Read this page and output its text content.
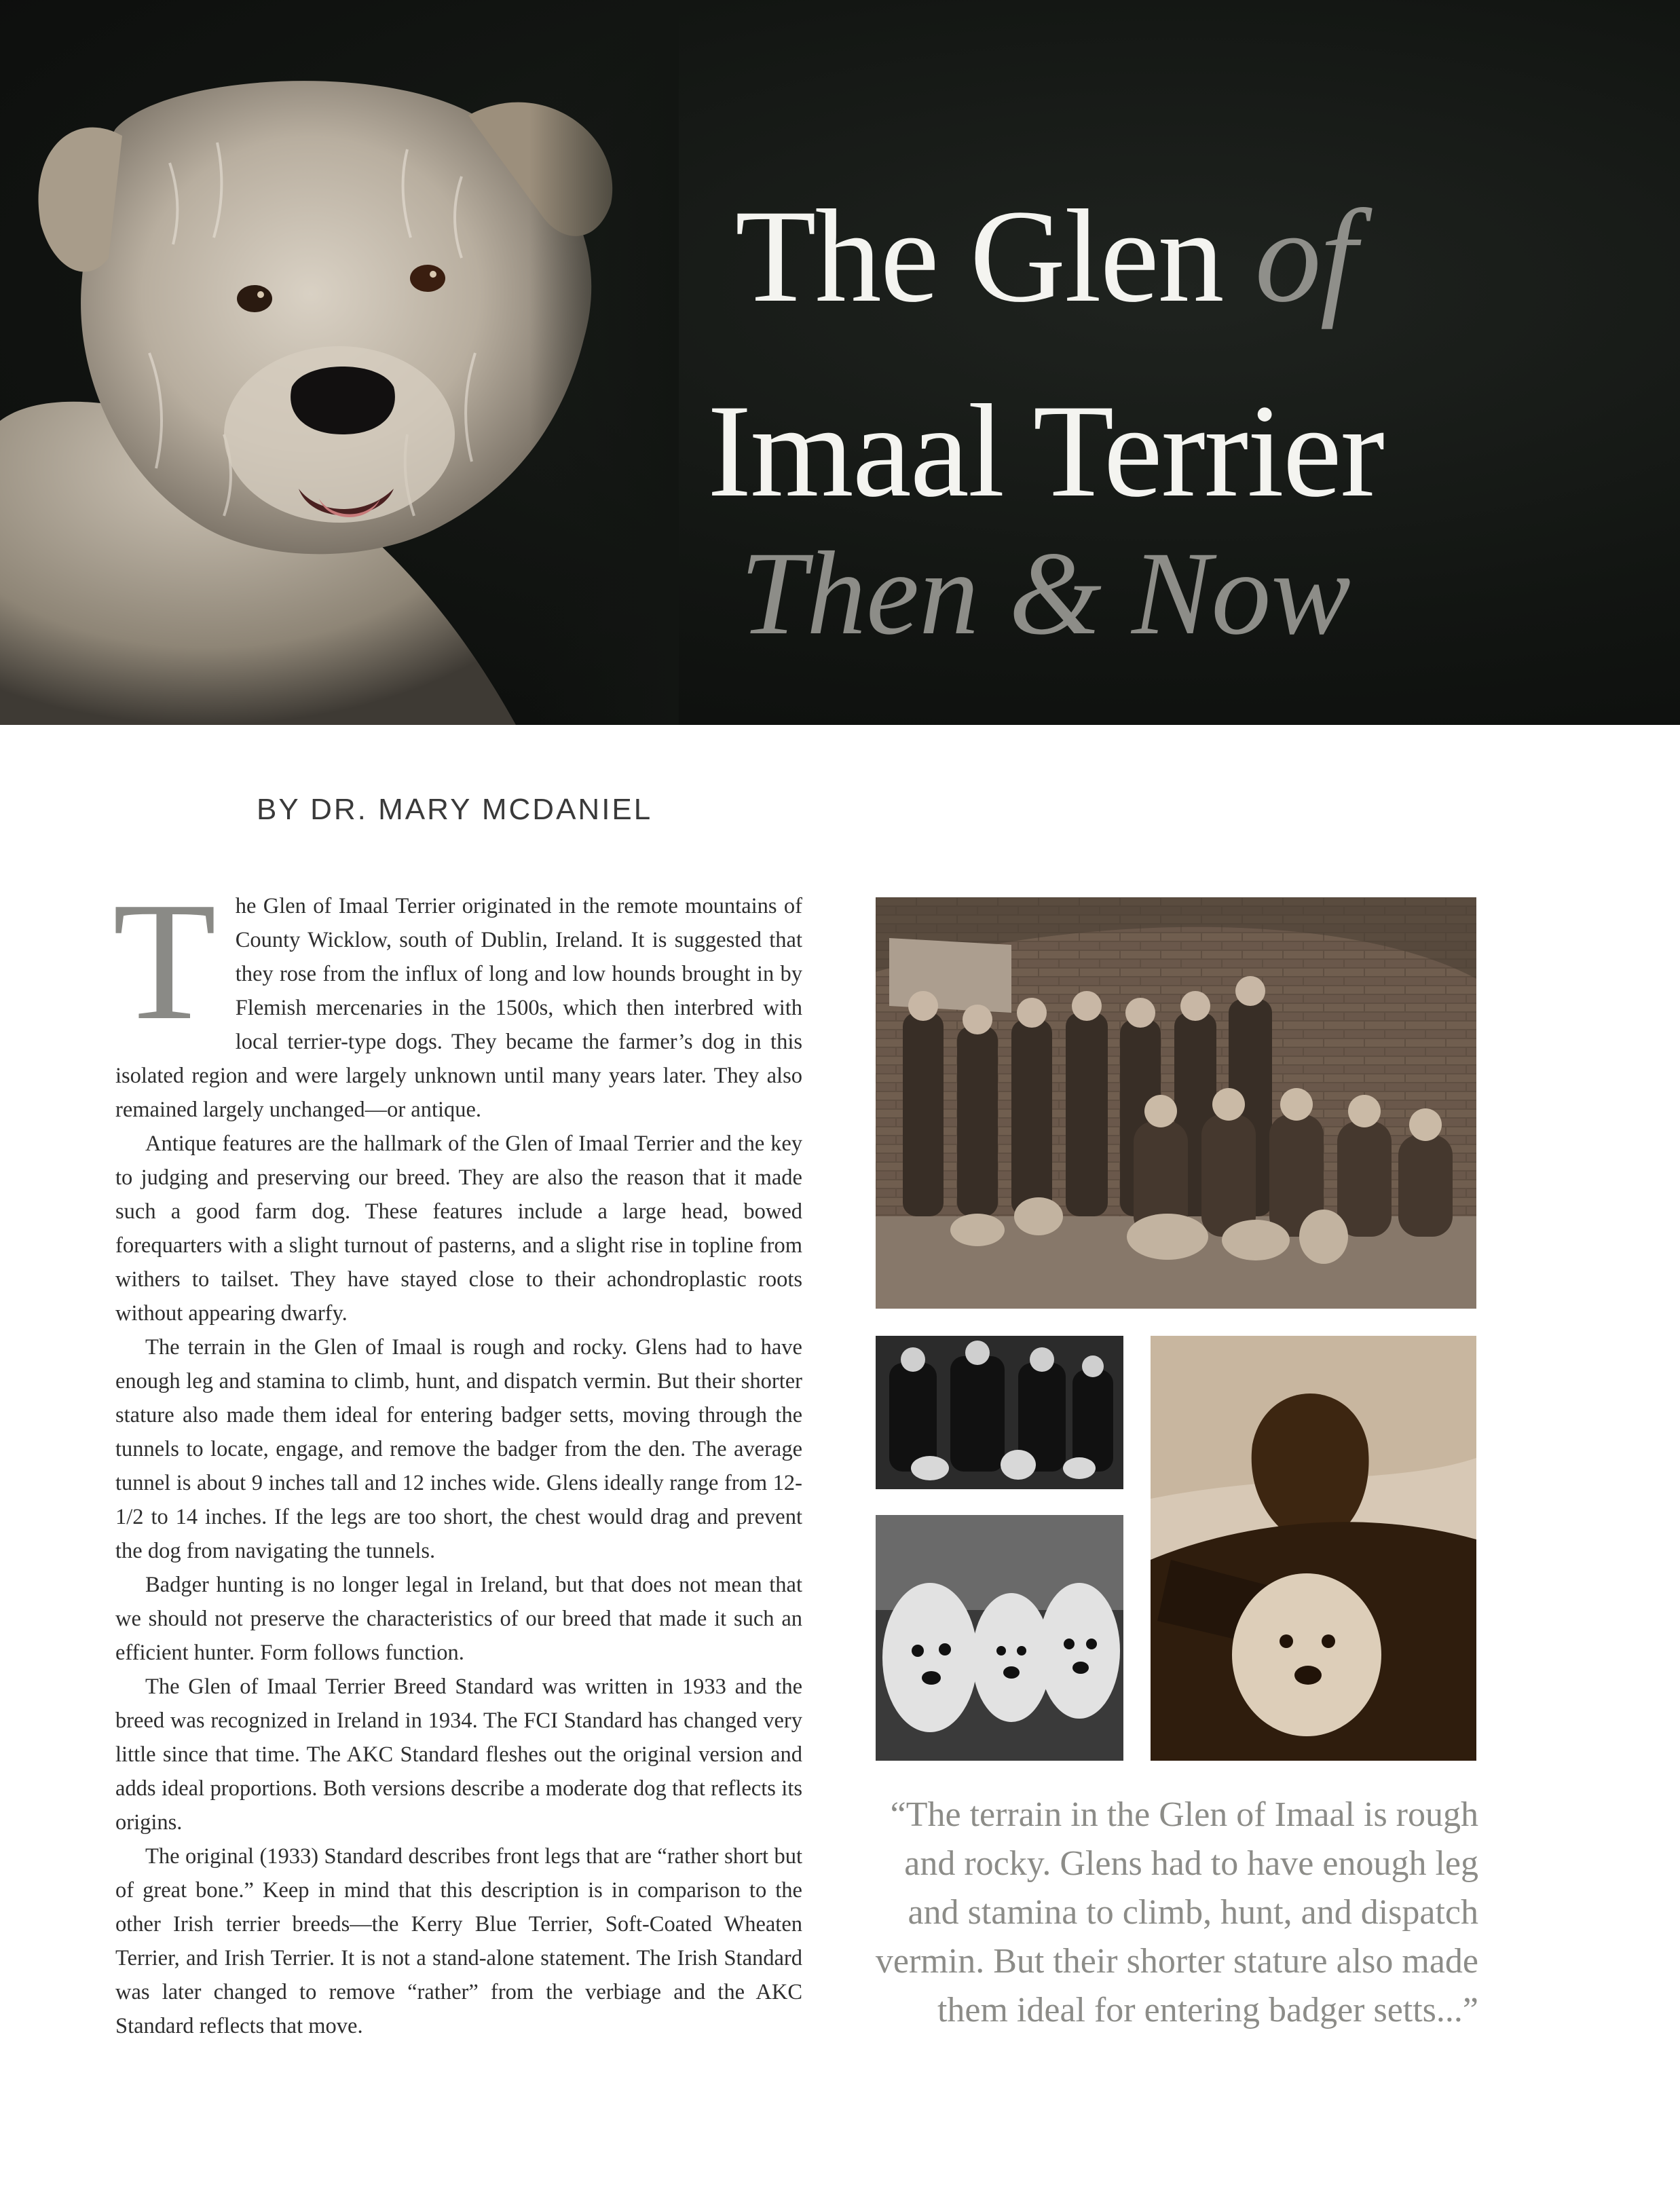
The Glen of
Imaal Terrier
Then & Now
BY DR. MARY MCDANIEL

The Glen of Imaal Terrier originated in the remote mountains of County Wicklow, south of Dublin, Ireland. It is suggested that they rose from the influx of long and low hounds brought in by Flemish mercenaries in the 1500s, which then interbred with local terrier-type dogs. They became the farmer’s dog in this isolated region and were largely unknown until many years later. They also remained largely unchanged—or antique.

Antique features are the hallmark of the Glen of Imaal Terrier and the key to judging and preserving our breed. They are also the reason that it made such a good farm dog. These features include a large head, bowed forequarters with a slight turnout of pasterns, and a slight rise in topline from withers to tailset. They have stayed close to their achondroplastic roots without appearing dwarfy.

The terrain in the Glen of Imaal is rough and rocky. Glens had to have enough leg and stamina to climb, hunt, and dispatch vermin. But their shorter stature also made them ideal for entering badger setts, moving through the tunnels to locate, engage, and remove the badger from the den. The average tunnel is about 9 inches tall and 12 inches wide. Glens ideally range from 12-1/2 to 14 inches. If the legs are too short, the chest would drag and prevent the dog from navigating the tunnels.

Badger hunting is no longer legal in Ireland, but that does not mean that we should not preserve the characteristics of our breed that made it such an efficient hunter. Form follows function.

The Glen of Imaal Terrier Breed Standard was written in 1933 and the breed was recognized in Ireland in 1934. The FCI Standard has changed very little since that time. The AKC Standard fleshes out the original version and adds ideal proportions. Both versions describe a moderate dog that reflects its origins.

The original (1933) Standard describes front legs that are “rather short but of great bone.” Keep in mind that this description is in comparison to the other Irish terrier breeds—the Kerry Blue Terrier, Soft-Coated Wheaten Terrier, and Irish Terrier. It is not a stand-alone statement. The Irish Standard was later changed to remove “rather” from the verbiage and the AKC Standard reflects that move.

“The terrain in the Glen of Imaal is rough and rocky. Glens had to have enough leg and stamina to climb, hunt, and dispatch vermin. But their shorter stature also made them ideal for entering badger setts...”
